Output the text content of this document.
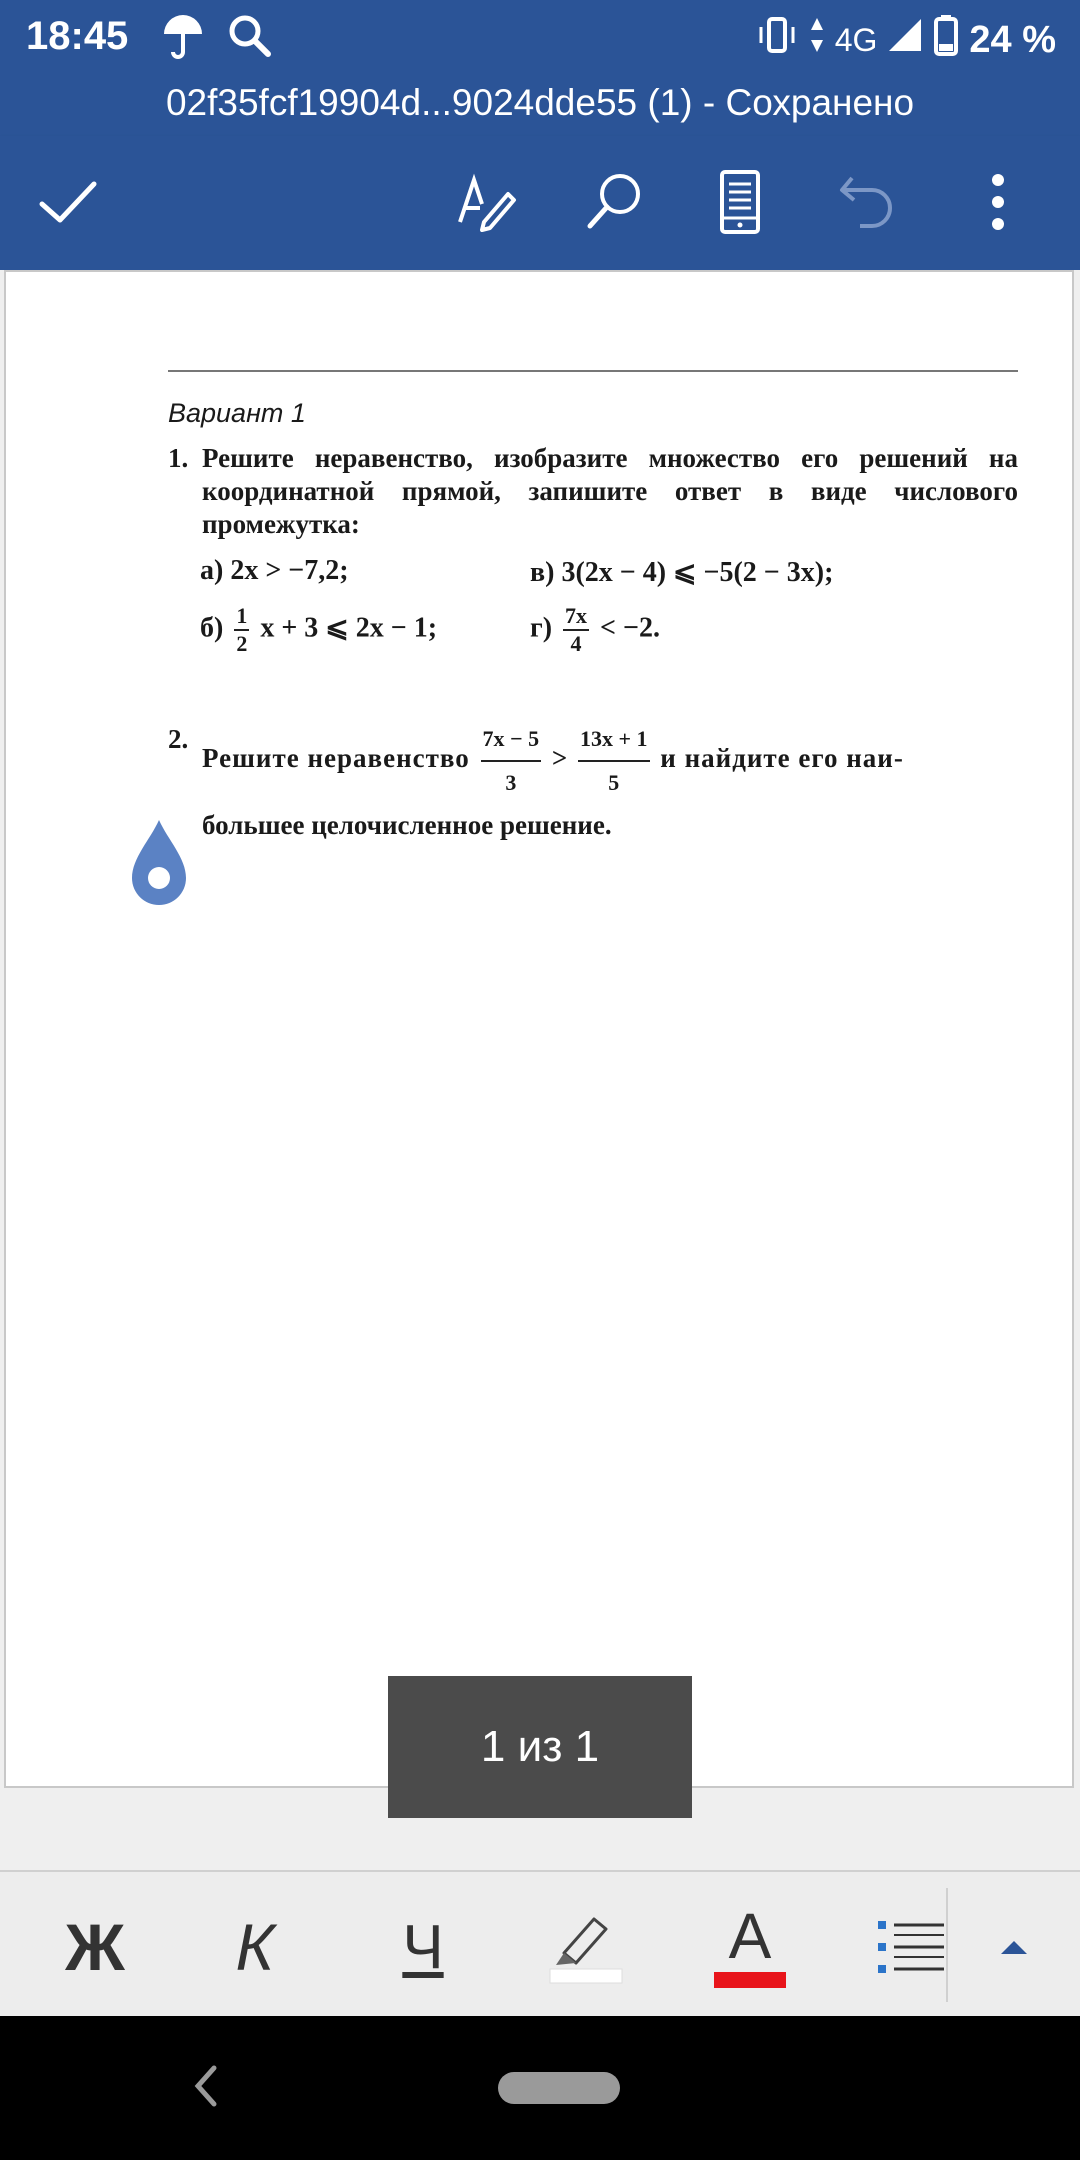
18:45	4G 24 %
02f35fcf19904d...9024dde55 (1) - Сохранено
Вариант 1
1. Решите неравенство, изобразите множество его решений на координатной прямой, запишите ответ в виде числового промежутка:
а) 2x > −7,2;	в) 3(2x − 4) ⩽ −5(2 − 3x);
$б) \frac{1}{2}$ x + 3 ⩽ 2x − 1;	$г) \frac{7x}{4} < -2$.
2.
Решите неравенство $\frac{7x - 5}{3} > \frac{13x + 1}{5}$ и найдите его наи-
большее целочисленное решение.
1 из 1
Ж	К	Ч	A
